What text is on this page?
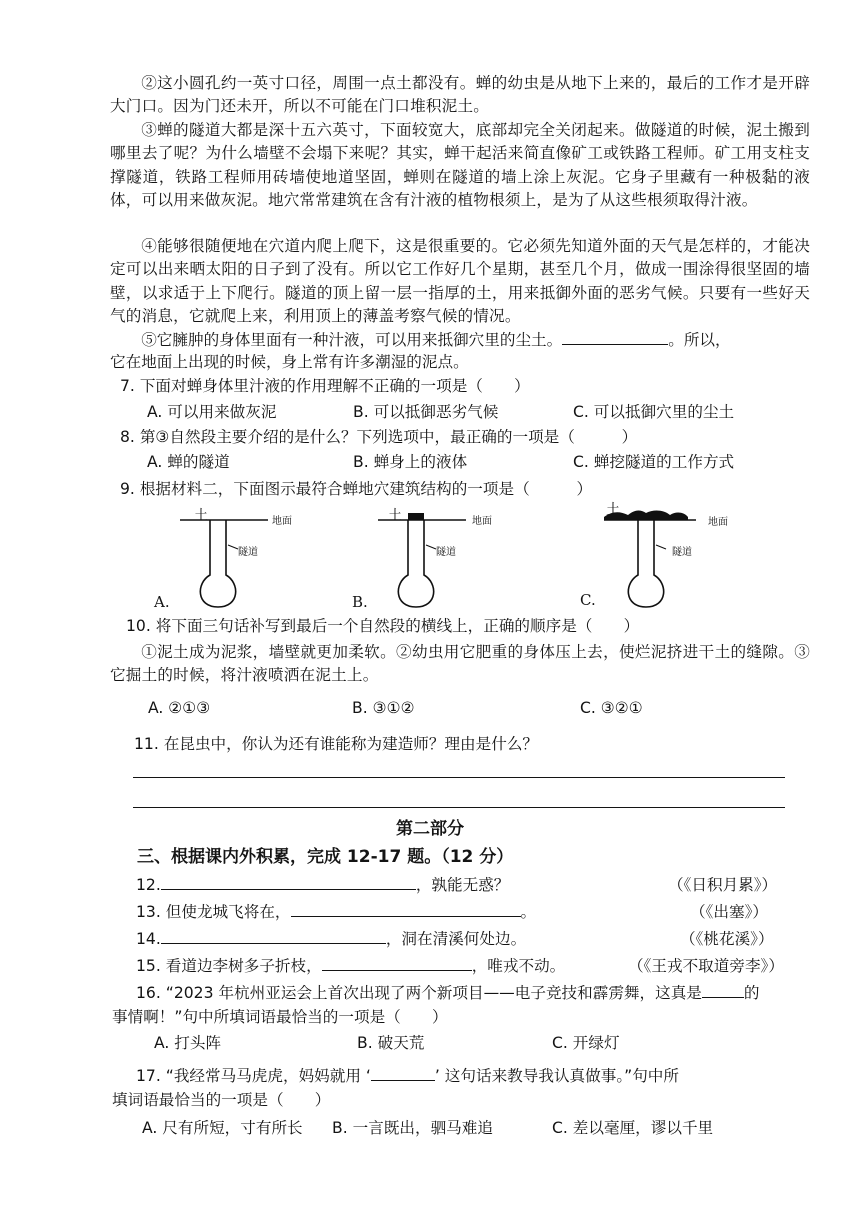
②这小圆孔约一英寸口径，周围一点土都没有。蝉的幼虫是从地下上来的，最后的工作才是开辟大门口。因为门还未开，所以不可能在门口堆积泥土。
③蝉的隧道大都是深十五六英寸，下面较宽大，底部却完全关闭起来。做隧道的时候，泥土搬到哪里去了呢？为什么墙壁不会塌下来呢？其实，蝉干起活来简直像矿工或铁路工程师。矿工用支柱支撑隧道，铁路工程师用砖墙使地道坚固，蝉则在隧道的墙上涂上灰泥。它身子里藏有一种极黏的液体，可以用来做灰泥。地穴常常建筑在含有汁液的植物根须上，是为了从这些根须取得汁液。
④能够很随便地在穴道内爬上爬下，这是很重要的。它必须先知道外面的天气是怎样的，才能决定可以出来晒太阳的日子到了没有。所以它工作好几个星期，甚至几个月，做成一围涂得很坚固的墙壁，以求适于上下爬行。隧道的顶上留一层一指厚的土，用来抵御外面的恶劣气候。只要有一些好天气的消息，它就爬上来，利用顶上的薄盖考察气候的情况。
⑤它臃肿的身体里面有一种汁液，可以用来抵御穴里的尘土。	。所以，
它在地面上出现的时候，身上常有许多潮湿的泥点。
7. 下面对蝉身体里汁液的作用理解不正确的一项是（　　）
A. 可以用来做灰泥	B. 可以抵御恶劣气候	C. 可以抵御穴里的尘土
8. 第③自然段主要介绍的是什么？下列选项中，最正确的一项是（　　　）
A. 蝉的隧道	B. 蝉身上的液体	C. 蝉挖隧道的工作方式
9. 根据材料二，下面图示最符合蝉地穴建筑结构的一项是（　　　）
土	地面
隧道
A.
土	地面
隧道
B.
土
地面
隧道
C.
10. 将下面三句话补写到最后一个自然段的横线上，正确的顺序是（　　）
①泥土成为泥浆，墙壁就更加柔软。②幼虫用它肥重的身体压上去，使烂泥挤进干土的缝隙。③它掘土的时候，将汁液喷洒在泥土上。
A. ②①③	B. ③①②	C. ③②①
11. 在昆虫中，你认为还有谁能称为建造师？理由是什么？
第二部分
三、根据课内外积累，完成 12-17 题。（12 分）
12.	，孰能无惑？	（《日积月累》）
13. 但使龙城飞将在，	。	（《出塞》）
14.	，洞在清溪何处边。	（《桃花溪》）
15. 看道边李树多子折枝，	，唯戎不动。	（《王戎不取道旁李》）
16. “2023 年杭州亚运会上首次出现了两个新项目——电子竞技和霹雳舞，这真是	的
事情啊！”句中所填词语最恰当的一项是（　　）
A. 打头阵	B. 破天荒	C. 开绿灯
17. “我经常马马虎虎，妈妈就用 ‘	’ 这句话来教导我认真做事。”句中所
填词语最恰当的一项是（　　）
A. 尺有所短，寸有所长 B. 一言既出，驷马难追	C. 差以毫厘，谬以千里
